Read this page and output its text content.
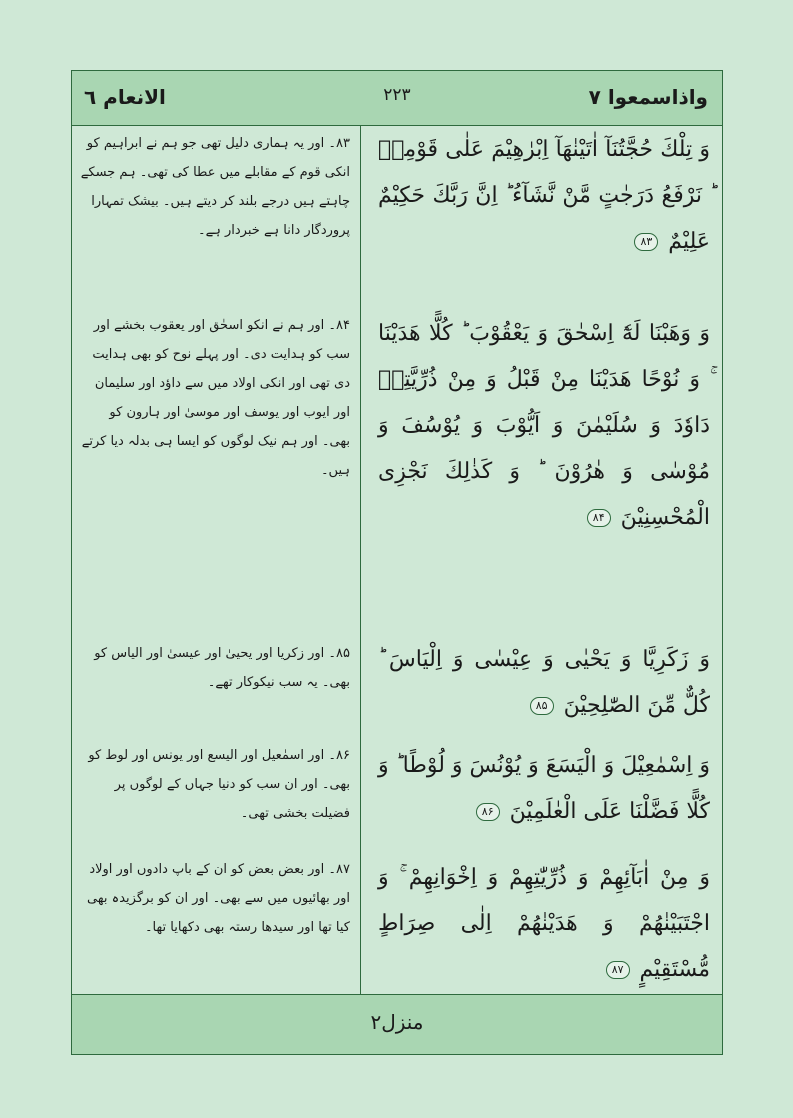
واذاسمعوا ۷
۲۲۳
الانعام ٦
وَ تِلْكَ حُجَّتُنَآ اٰتَيْنٰهَآ اِبْرٰهِيْمَ عَلٰى قَوْمِهٖ ؕ نَرْفَعُ دَرَجٰتٍ مَّنْ نَّشَآءُ ؕ اِنَّ رَبَّكَ حَكِيْمٌ عَلِيْمٌ ۸۳
وَ وَهَبْنَا لَهٗٓ اِسْحٰقَ وَ يَعْقُوْبَ ؕ كُلًّا هَدَيْنَا ۚ وَ نُوْحًا هَدَيْنَا مِنْ قَبْلُ وَ مِنْ ذُرِّيَّتِهٖ دَاوٗدَ وَ سُلَيْمٰنَ وَ اَيُّوْبَ وَ يُوْسُفَ وَ مُوْسٰى وَ هٰرُوْنَ ؕ وَ كَذٰلِكَ نَجْزِى الْمُحْسِنِيْنَ ۸۴
وَ زَكَرِيَّا وَ يَحْيٰى وَ عِيْسٰى وَ اِلْيَاسَ ؕ كُلٌّ مِّنَ الصّٰلِحِيْنَ ۸۵
وَ اِسْمٰعِيْلَ وَ الْيَسَعَ وَ يُوْنُسَ وَ لُوْطًا ؕ وَ كُلًّا فَضَّلْنَا عَلَى الْعٰلَمِيْنَ ۸۶
وَ مِنْ اٰبَآئِهِمْ وَ ذُرِّيّٰتِهِمْ وَ اِخْوَانِهِمْ ۚ وَ اجْتَبَيْنٰهُمْ وَ هَدَيْنٰهُمْ اِلٰى صِرَاطٍ مُّسْتَقِيْمٍ ۸۷
۸۳۔ اور یہ ہماری دلیل تھی جو ہم نے ابراہیم کو انکی قوم کے مقابلے میں عطا کی تھی۔ ہم جسکے چاہتے ہیں درجے بلند کر دیتے ہیں۔ بیشک تمہارا پروردگار دانا ہے خبردار ہے۔
۸۴۔ اور ہم نے انکو اسحٰق اور یعقوب بخشے اور سب کو ہدایت دی۔ اور پہلے نوح کو بھی ہدایت دی تھی اور انکی اولاد میں سے داؤد اور سلیمان اور ایوب اور یوسف اور موسیٰ اور ہارون کو بھی۔ اور ہم نیک لوگوں کو ایسا ہی بدلہ دیا کرتے ہیں۔
۸۵۔ اور زکریا اور یحییٰ اور عیسیٰ اور الیاس کو بھی۔ یہ سب نیکوکار تھے۔
۸۶۔ اور اسمٰعیل اور الیسع اور یونس اور لوط کو بھی۔ اور ان سب کو دنیا جہاں کے لوگوں پر فضیلت بخشی تھی۔
۸۷۔ اور بعض بعض کو ان کے باپ دادوں اور اولاد اور بھائیوں میں سے بھی۔ اور ان کو برگزیدہ بھی کیا تھا اور سیدھا رستہ بھی دکھایا تھا۔
منزل۲
